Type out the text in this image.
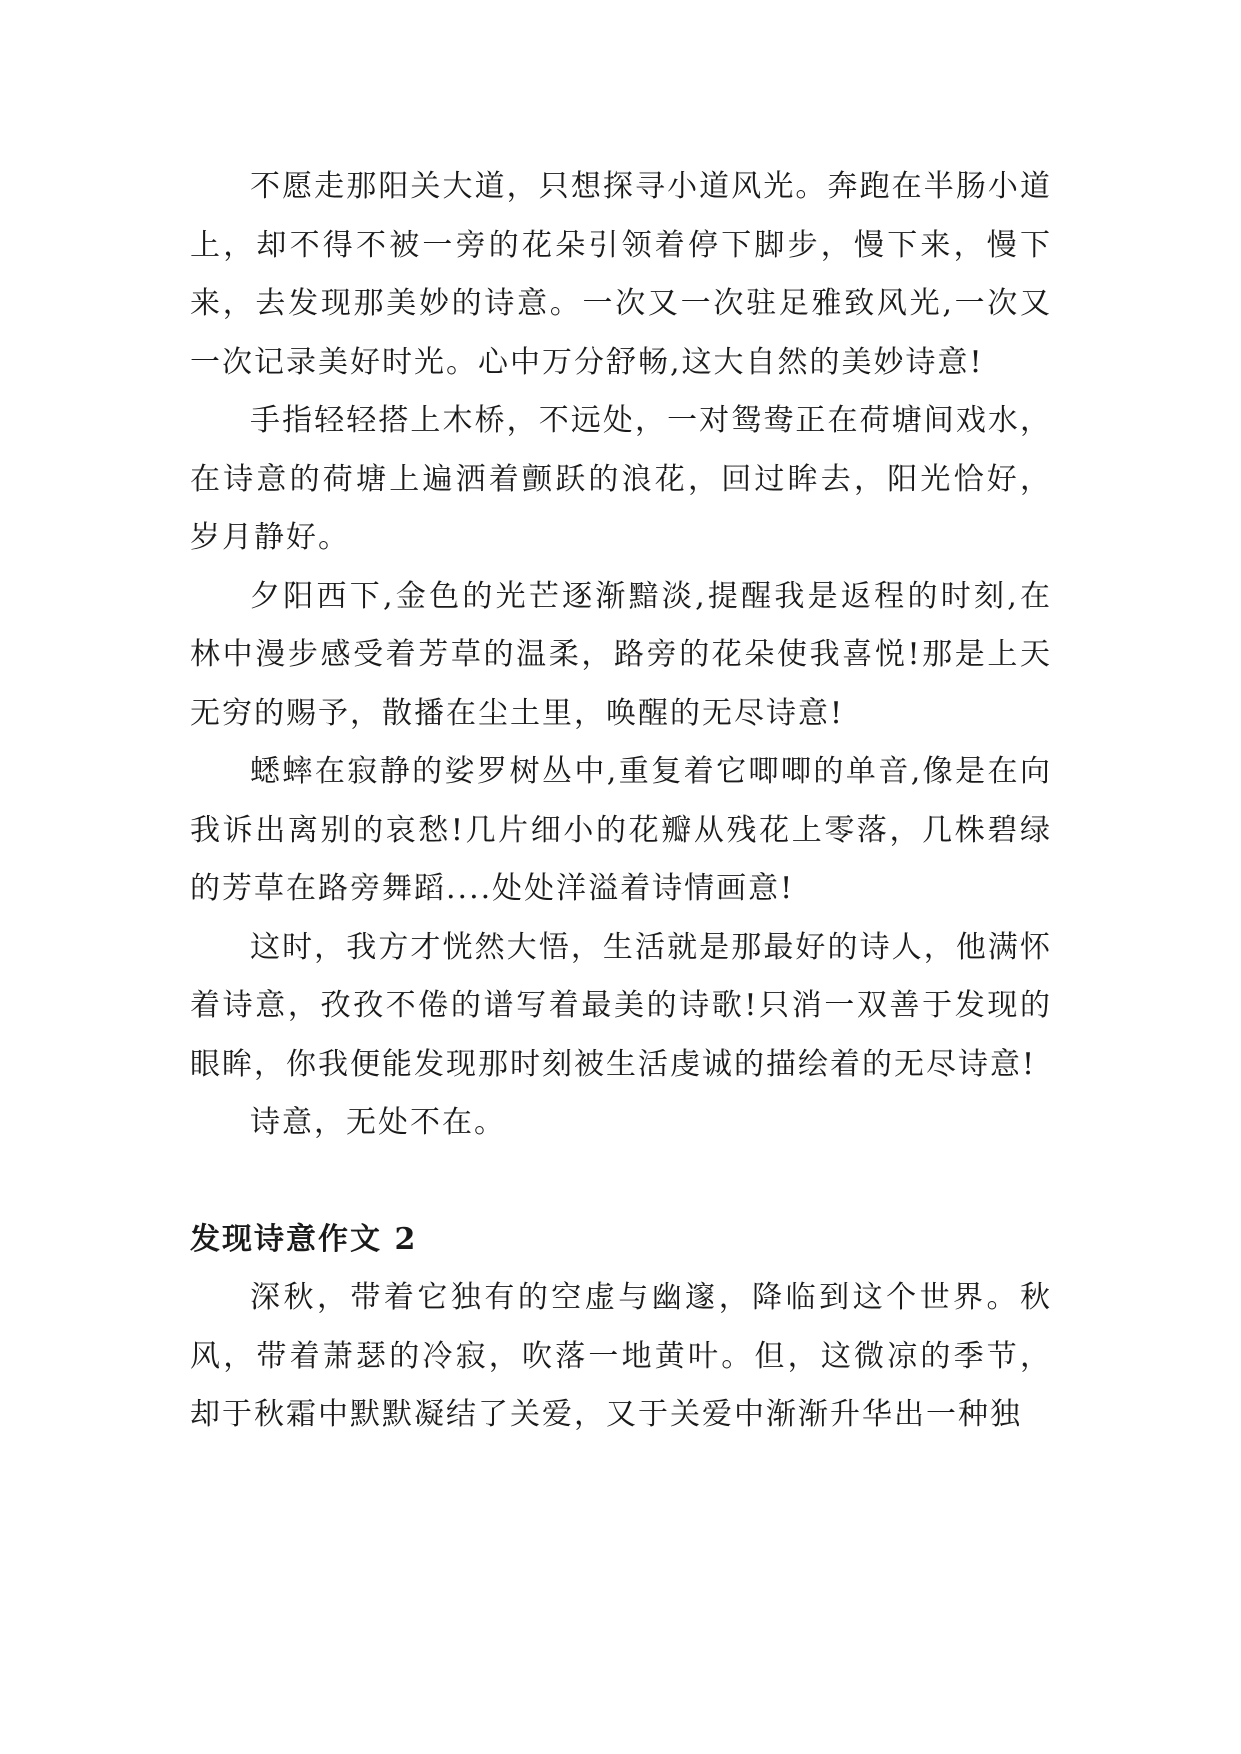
不愿走那阳关大道，只想探寻小道风光。奔跑在半肠小道上，却不得不被一旁的花朵引领着停下脚步，慢下来，慢下来，去发现那美妙的诗意。一次又一次驻足雅致风光,一次又一次记录美好时光。心中万分舒畅,这大自然的美妙诗意!

手指轻轻搭上木桥，不远处，一对鸳鸯正在荷塘间戏水，在诗意的荷塘上遍洒着颤跃的浪花，回过眸去，阳光恰好，岁月静好。

夕阳西下,金色的光芒逐渐黯淡,提醒我是返程的时刻,在林中漫步感受着芳草的温柔，路旁的花朵使我喜悦!那是上天无穷的赐予，散播在尘土里，唤醒的无尽诗意!

蟋蟀在寂静的娑罗树丛中,重复着它唧唧的单音,像是在向我诉出离别的哀愁!几片细小的花瓣从残花上零落，几株碧绿的芳草在路旁舞蹈....处处洋溢着诗情画意!

这时，我方才恍然大悟，生活就是那最好的诗人，他满怀着诗意，孜孜不倦的谱写着最美的诗歌!只消一双善于发现的眼眸，你我便能发现那时刻被生活虔诚的描绘着的无尽诗意!

诗意，无处不在。

发现诗意作文 2

深秋，带着它独有的空虚与幽邃，降临到这个世界。秋风，带着萧瑟的冷寂，吹落一地黄叶。但，这微凉的季节，却于秋霜中默默凝结了关爱，又于关爱中渐渐升华出一种独
